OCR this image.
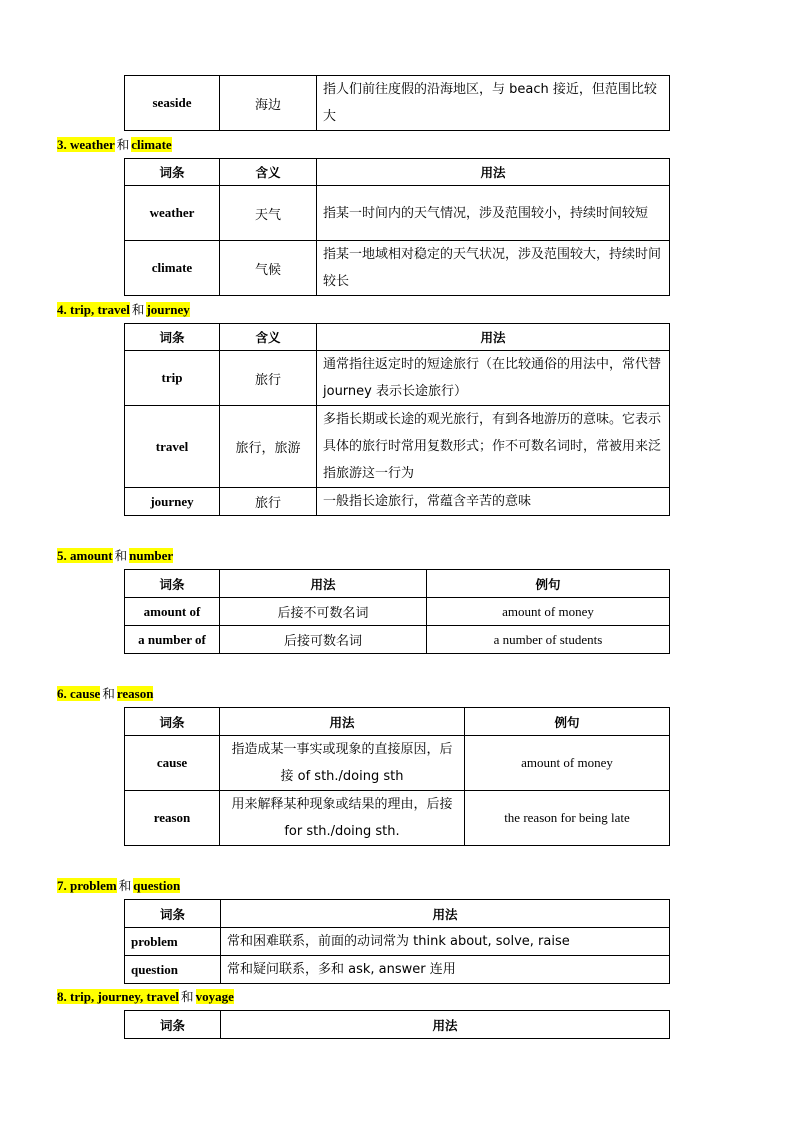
seaside	海边	指人们前往度假的沿海地区，与 beach 接近，但范围比较大
3. weather 和 climate
词条	含义	用法
weather	天气	指某一时间内的天气情况，涉及范围较小，持续时间较短
climate	气候	指某一地域相对稳定的天气状况，涉及范围较大，持续时间较长
4. trip, travel 和 journey
词条	含义	用法
trip	旅行	通常指往返定时的短途旅行（在比较通俗的用法中，常代替 journey 表示长途旅行）
travel	旅行，旅游	多指长期或长途的观光旅行，有到各地游历的意味。它表示具体的旅行时常用复数形式；作不可数名词时，常被用来泛指旅游这一行为
journey	旅行	一般指长途旅行，常蕴含辛苦的意味
5. amount 和 number
词条	用法	例句
amount of	后接不可数名词	amount of money
a number of	后接可数名词	a number of students
6. cause 和 reason
词条	用法	例句
cause	指造成某一事实或现象的直接原因，后接 of sth./doing sth	amount of money
reason	用来解释某种现象或结果的理由，后接 for sth./doing sth.	the reason for being late
7. problem 和 question
词条	用法
problem	常和困难联系，前面的动词常为 think about, solve, raise
question	常和疑问联系，多和 ask, answer 连用
8. trip, journey, travel 和 voyage
词条	用法
